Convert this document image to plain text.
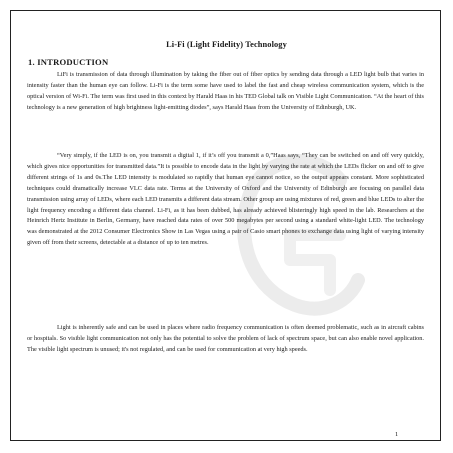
Li-Fi (Light Fidelity) Technology
1. INTRODUCTION

LiFi is transmission of data through illumination by taking the fiber out of fiber optics by sending data through a LED light bulb that varies in intensity faster than the human eye can follow. Li-Fi is the term some have used to label the fast and cheap wireless communication system, which is the optical version of Wi-Fi. The term was first used in this context by Harald Haas in his TED Global talk on Visible Light Communication. “At the heart of this technology is a new generation of high brightness light-emitting diodes”, says Harald Haas from the University of Edinburgh, UK.

“Very simply, if the LED is on, you transmit a digital 1, if it’s off you transmit a 0,”Haas says, “They can be switched on and off very quickly, which gives nice opportunities for transmitted data.”It is possible to encode data in the light by varying the rate at which the LEDs flicker on and off to give different strings of 1s and 0s.The LED intensity is modulated so rapidly that human eye cannot notice, so the output appears constant. More sophisticated techniques could dramatically increase VLC data rate. Terms at the University of Oxford and the University of Edinburgh are focusing on parallel data transmission using array of LEDs, where each LED transmits a different data stream. Other group are using mixtures of red, green and blue LEDs to alter the light frequency encoding a different data channel. Li-Fi, as it has been dubbed, has already achieved blisteringly high speed in the lab. Researchers at the Heinrich Hertz Institute in Berlin, Germany, have reached data rates of over 500 megabytes per second using a standard white-light LED. The technology was demonstrated at the 2012 Consumer Electronics Show in Las Vegas using a pair of Casio smart phones to exchange data using light of varying intensity given off from their screens, detectable at a distance of up to ten metres.

Light is inherently safe and can be used in places where radio frequency communication is often deemed problematic, such as in aircraft cabins or hospitals. So visible light communication not only has the potential to solve the problem of lack of spectrum space, but can also enable novel application. The visible light spectrum is unused; it's not regulated, and can be used for communication at very high speeds.

1
